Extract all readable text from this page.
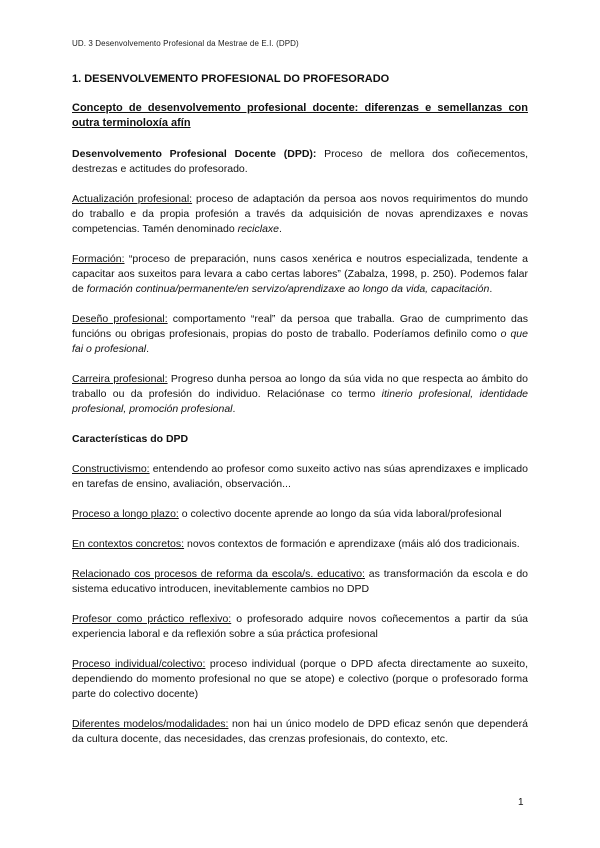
UD. 3 Desenvolvemento Profesional da Mestrae de E.I. (DPD)
1. DESENVOLVEMENTO PROFESIONAL DO PROFESORADO
Concepto de desenvolvemento profesional docente: diferenzas e semellanzas con outra terminoloxía afín

Desenvolvemento Profesional Docente (DPD): Proceso de mellora dos coñecementos, destrezas e actitudes do profesorado.

Actualización profesional: proceso de adaptación da persoa aos novos requirimentos do mundo do traballo e da propia profesión a través da adquisición de novas aprendizaxes e novas competencias. Tamén denominado reciclaxe.

Formación: “proceso de preparación, nuns casos xenérica e noutros especializada, tendente a capacitar aos suxeitos para levara a cabo certas labores” (Zabalza, 1998, p. 250). Podemos falar de formación continua/permanente/en servizo/aprendizaxe ao longo da vida, capacitación.

Deseño profesional: comportamento “real” da persoa que traballa. Grao de cumprimento das funcións ou obrigas profesionais, propias do posto de traballo. Poderíamos definilo como o que fai o profesional.

Carreira profesional: Progreso dunha persoa ao longo da súa vida no que respecta ao ámbito do traballo ou da profesión do individuo. Relaciónase co termo itinerio profesional, identidade profesional, promoción profesional.

Características do DPD

Constructivismo: entendendo ao profesor como suxeito activo nas súas aprendizaxes e implicado en tarefas de ensino, avaliación, observación...

Proceso a longo plazo: o colectivo docente aprende ao longo da súa vida laboral/profesional

En contextos concretos: novos contextos de formación e aprendizaxe (máis aló dos tradicionais.

Relacionado cos procesos de reforma da escola/s. educativo: as transformación da escola e do sistema educativo introducen, inevitablemente cambios no DPD

Profesor como práctico reflexivo: o profesorado adquire novos coñecementos a partir da súa experiencia laboral e da reflexión sobre a súa práctica profesional

Proceso individual/colectivo: proceso individual (porque o DPD afecta directamente ao suxeito, dependiendo do momento profesional no que se atope) e colectivo (porque o profesorado forma parte do colectivo docente)

Diferentes modelos/modalidades: non hai un único modelo de DPD eficaz senón que dependerá da cultura docente, das necesidades, das crenzas profesionais, do contexto, etc.

1
